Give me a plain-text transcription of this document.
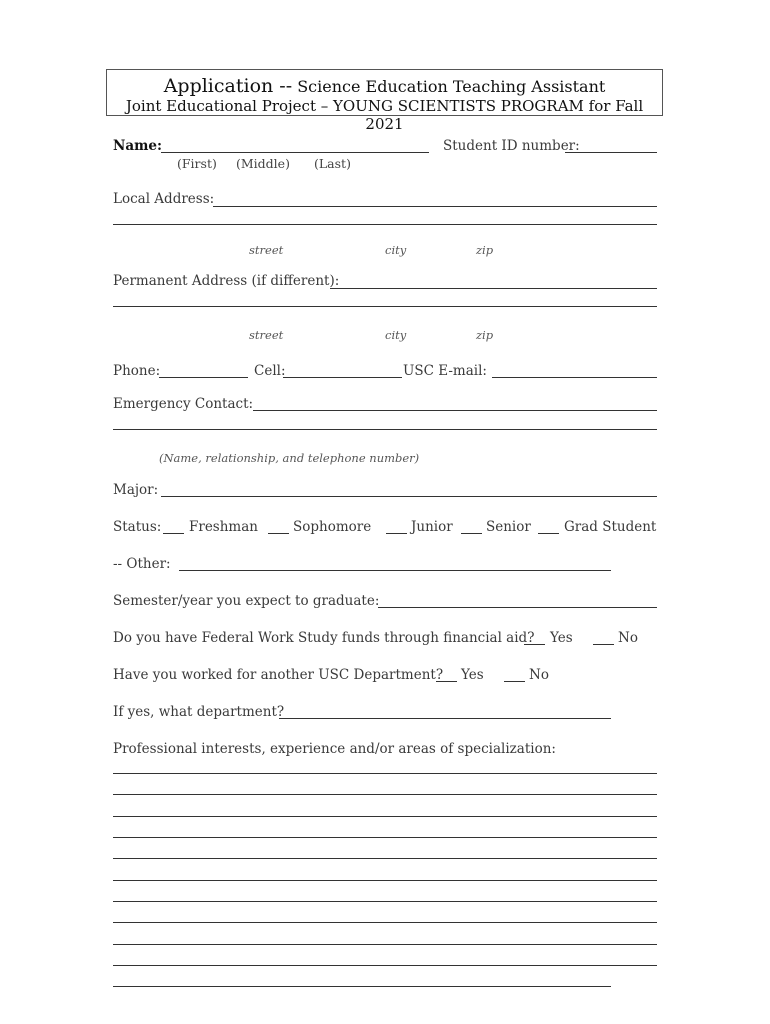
Application -- Science Education Teaching Assistant
Joint Educational Project – YOUNG SCIENTISTS PROGRAM for Fall 2021
Name:	Student ID number:
(First) (Middle) (Last)
Local Address:
street	city	zip
Permanent Address (if different):
street	city	zip
Phone:	Cell:	USC E-mail:
Emergency Contact:
(Name, relationship, and telephone number)
Major:
Status: Freshman	Sophomore	Junior Senior Grad Student
-- Other:
Semester/year you expect to graduate:
Do you have Federal Work Study funds through financial aid? Yes	No
Have you worked for another USC Department? Yes	No
If yes, what department?
Professional interests, experience and/or areas of specialization:
